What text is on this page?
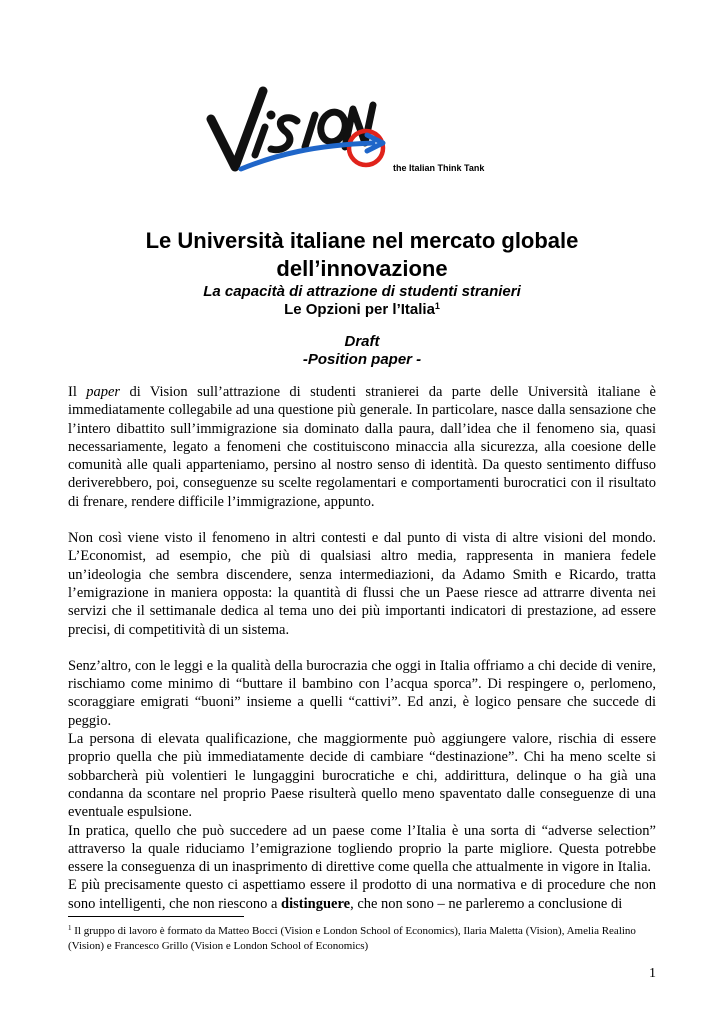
the Italian Think Tank
Le Università italiane nel mercato globale dell’innovazione
La capacità di attrazione di studenti stranieri
Le Opzioni per l’Italia$^1$
Draft
-Position paper -

Il paper di Vision sull’attrazione di studenti stranierei da parte delle Università italiane è immediatamente collegabile ad una questione più generale. In particolare, nasce dalla sensazione che l’intero dibattito sull’immigrazione sia dominato dalla paura, dall’idea che il fenomeno sia, quasi necessariamente, legato a fenomeni che costituiscono minaccia alla sicurezza, alla coesione delle comunità alle quali apparteniamo, persino al nostro senso di identità. Da questo sentimento diffuso deriverebbero, poi, conseguenze su scelte regolamentari e comportamenti burocratici con il risultato di frenare, rendere difficile l’immigrazione, appunto.

Non così viene visto il fenomeno in altri contesti e dal punto di vista di altre visioni del mondo. L’Economist, ad esempio, che più di qualsiasi altro media, rappresenta in maniera fedele un’ideologia che sembra discendere, senza intermediazioni, da Adamo Smith e Ricardo, tratta l’emigrazione in maniera opposta: la quantità di flussi che un Paese riesce ad attrarre diventa nei servizi che il settimanale dedica al tema uno dei più importanti indicatori di prestazione, ad essere precisi, di competitività di un sistema.

Senz’altro, con le leggi e la qualità della burocrazia che oggi in Italia offriamo a chi decide di venire, rischiamo come minimo di “buttare il bambino con l’acqua sporca”. Di respingere o, perlomeno, scoraggiare emigrati “buoni” insieme a quelli “cattivi”. Ed anzi, è logico pensare che succede di peggio.

La persona di elevata qualificazione, che maggiormente può aggiungere valore, rischia di essere proprio quella che più immediatamente decide di cambiare “destinazione”. Chi ha meno scelte si sobbarcherà più volentieri le lungaggini burocratiche e chi, addirittura, delinque o ha già una condanna da scontare nel proprio Paese risulterà quello meno spaventato dalle conseguenze di una eventuale espulsione.

In pratica, quello che può succedere ad un paese come l’Italia è una sorta di “adverse selection” attraverso la quale riduciamo l’emigrazione togliendo proprio la parte migliore. Questa potrebbe essere la conseguenza di un inasprimento di direttive come quella che attualmente in vigore in Italia.

E più precisamente questo ci aspettiamo essere il prodotto di una normativa e di procedure che non sono intelligenti, che non riescono a distinguere, che non sono – ne parleremo a conclusione di

$^1$ Il gruppo di lavoro è formato da Matteo Bocci (Vision e London School of Economics), Ilaria Maletta (Vision), Amelia Realino (Vision) e Francesco Grillo (Vision e London School of Economics)
1
